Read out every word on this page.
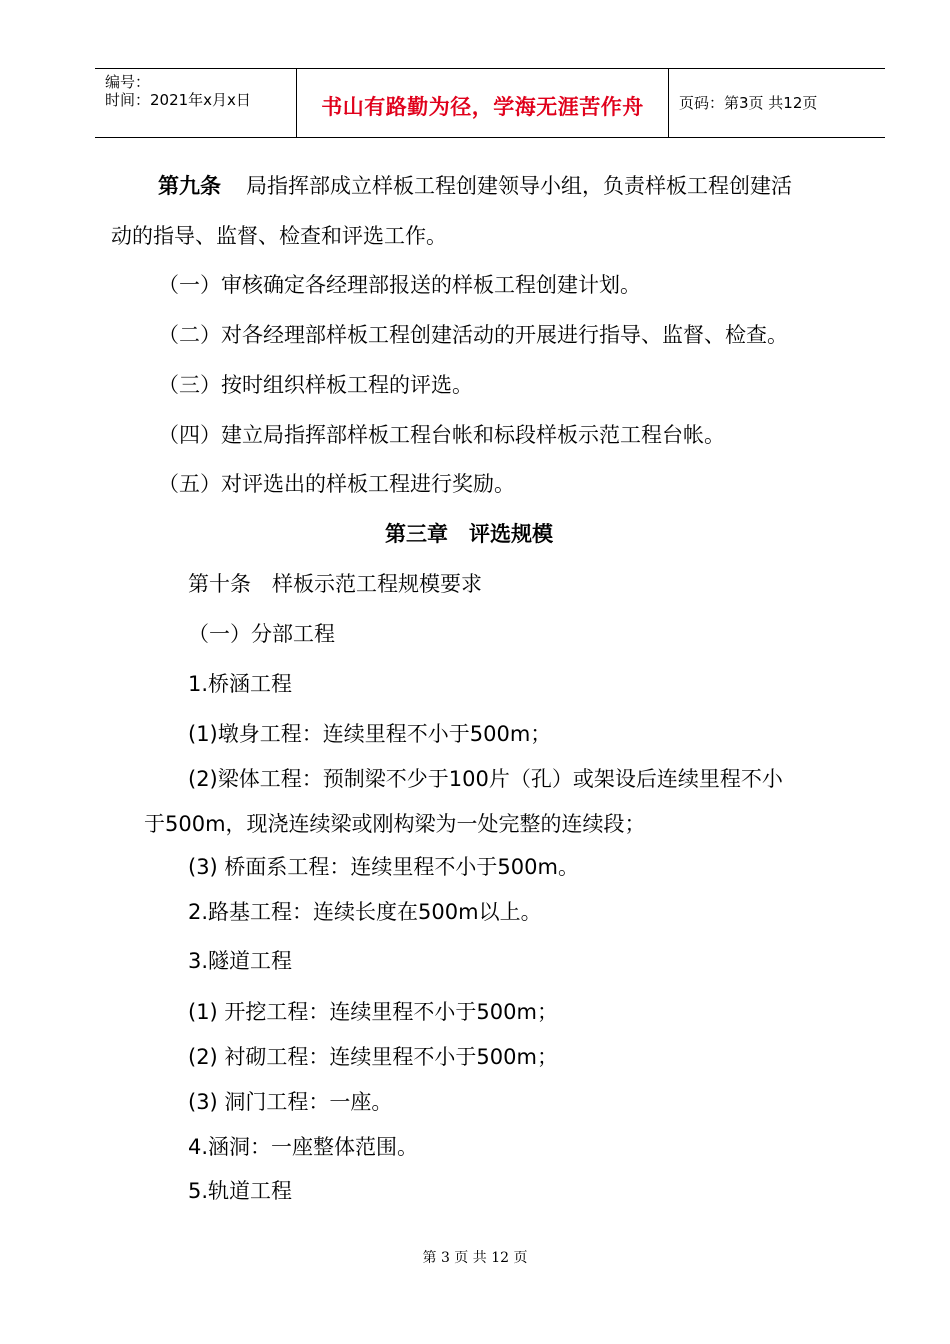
编号：
时间：2021年x月x日	书山有路勤为径，学海无涯苦作舟	页码：第3页 共12页
第九条 局指挥部成立样板工程创建领导小组，负责样板工程创建活
动的指导、监督、检查和评选工作。
（一）审核确定各经理部报送的样板工程创建计划。
（二）对各经理部样板工程创建活动的开展进行指导、监督、检查。
（三）按时组织样板工程的评选。
（四）建立局指挥部样板工程台帐和标段样板示范工程台帐。
（五）对评选出的样板工程进行奖励。
第三章　评选规模
第十条　样板示范工程规模要求
（一）分部工程
1.桥涵工程
(1)墩身工程：连续里程不小于500m；
(2)梁体工程：预制梁不少于100片（孔）或架设后连续里程不小
于500m，现浇连续梁或刚构梁为一处完整的连续段；
(3) 桥面系工程：连续里程不小于500m。
2.路基工程：连续长度在500m以上。
3.隧道工程
(1) 开挖工程：连续里程不小于500m；
(2) 衬砌工程：连续里程不小于500m；
(3) 洞门工程：一座。
4.涵洞：一座整体范围。
5.轨道工程
第 3 页 共 12 页
